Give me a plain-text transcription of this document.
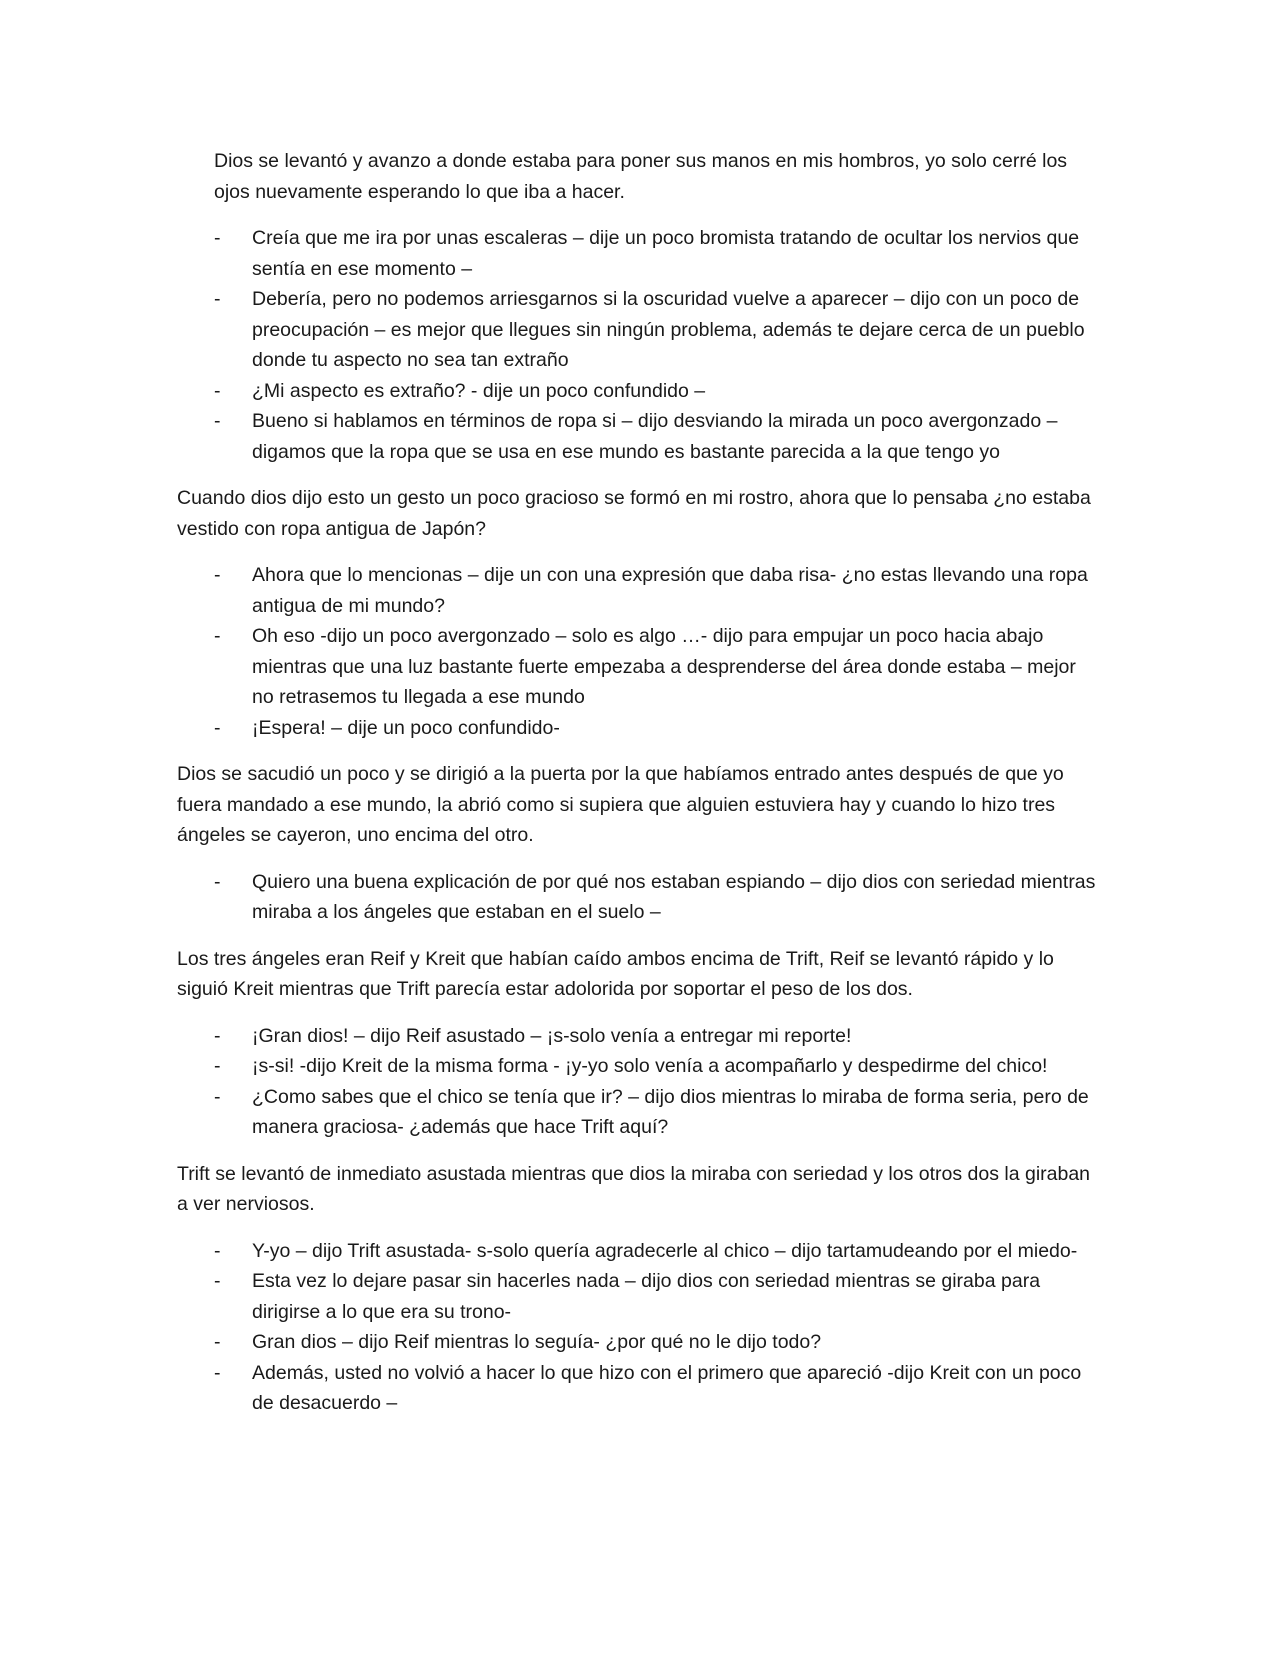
Dios se levantó y avanzo a donde estaba para poner sus manos en mis hombros, yo solo cerré los ojos nuevamente esperando lo que iba a hacer.

- Creía que me ira por unas escaleras – dije un poco bromista tratando de ocultar los nervios que sentía en ese momento –
- Debería, pero no podemos arriesgarnos si la oscuridad vuelve a aparecer – dijo con un poco de preocupación – es mejor que llegues sin ningún problema, además te dejare cerca de un pueblo donde tu aspecto no sea tan extraño
- ¿Mi aspecto es extraño? - dije un poco confundido –
- Bueno si hablamos en términos de ropa si – dijo desviando la mirada un poco avergonzado – digamos que la ropa que se usa en ese mundo es bastante parecida a la que tengo yo

Cuando dios dijo esto un gesto un poco gracioso se formó en mi rostro, ahora que lo pensaba ¿no estaba vestido con ropa antigua de Japón?

- Ahora que lo mencionas – dije un con una expresión que daba risa- ¿no estas llevando una ropa antigua de mi mundo?
- Oh eso -dijo un poco avergonzado – solo es algo …- dijo para empujar un poco hacia abajo mientras que una luz bastante fuerte empezaba a desprenderse del área donde estaba – mejor no retrasemos tu llegada a ese mundo
- ¡Espera! – dije un poco confundido-

Dios se sacudió un poco y se dirigió a la puerta por la que habíamos entrado antes después de que yo fuera mandado a ese mundo, la abrió como si supiera que alguien estuviera hay y cuando lo hizo tres ángeles se cayeron, uno encima del otro.

- Quiero una buena explicación de por qué nos estaban espiando – dijo dios con seriedad mientras miraba a los ángeles que estaban en el suelo –

Los tres ángeles eran Reif y Kreit que habían caído ambos encima de Trift, Reif se levantó rápido y lo siguió Kreit mientras que Trift parecía estar adolorida por soportar el peso de los dos.

- ¡Gran dios! – dijo Reif asustado – ¡s-solo venía a entregar mi reporte!
- ¡s-si! -dijo Kreit de la misma forma - ¡y-yo solo venía a acompañarlo y despedirme del chico!
- ¿Como sabes que el chico se tenía que ir? – dijo dios mientras lo miraba de forma seria, pero de manera graciosa- ¿además que hace Trift aquí?

Trift se levantó de inmediato asustada mientras que dios la miraba con seriedad y los otros dos la giraban a ver nerviosos.

- Y-yo – dijo Trift asustada- s-solo quería agradecerle al chico – dijo tartamudeando por el miedo-
- Esta vez lo dejare pasar sin hacerles nada – dijo dios con seriedad mientras se giraba para dirigirse a lo que era su trono-
- Gran dios – dijo Reif mientras lo seguía- ¿por qué no le dijo todo?
- Además, usted no volvió a hacer lo que hizo con el primero que apareció -dijo Kreit con un poco de desacuerdo –
